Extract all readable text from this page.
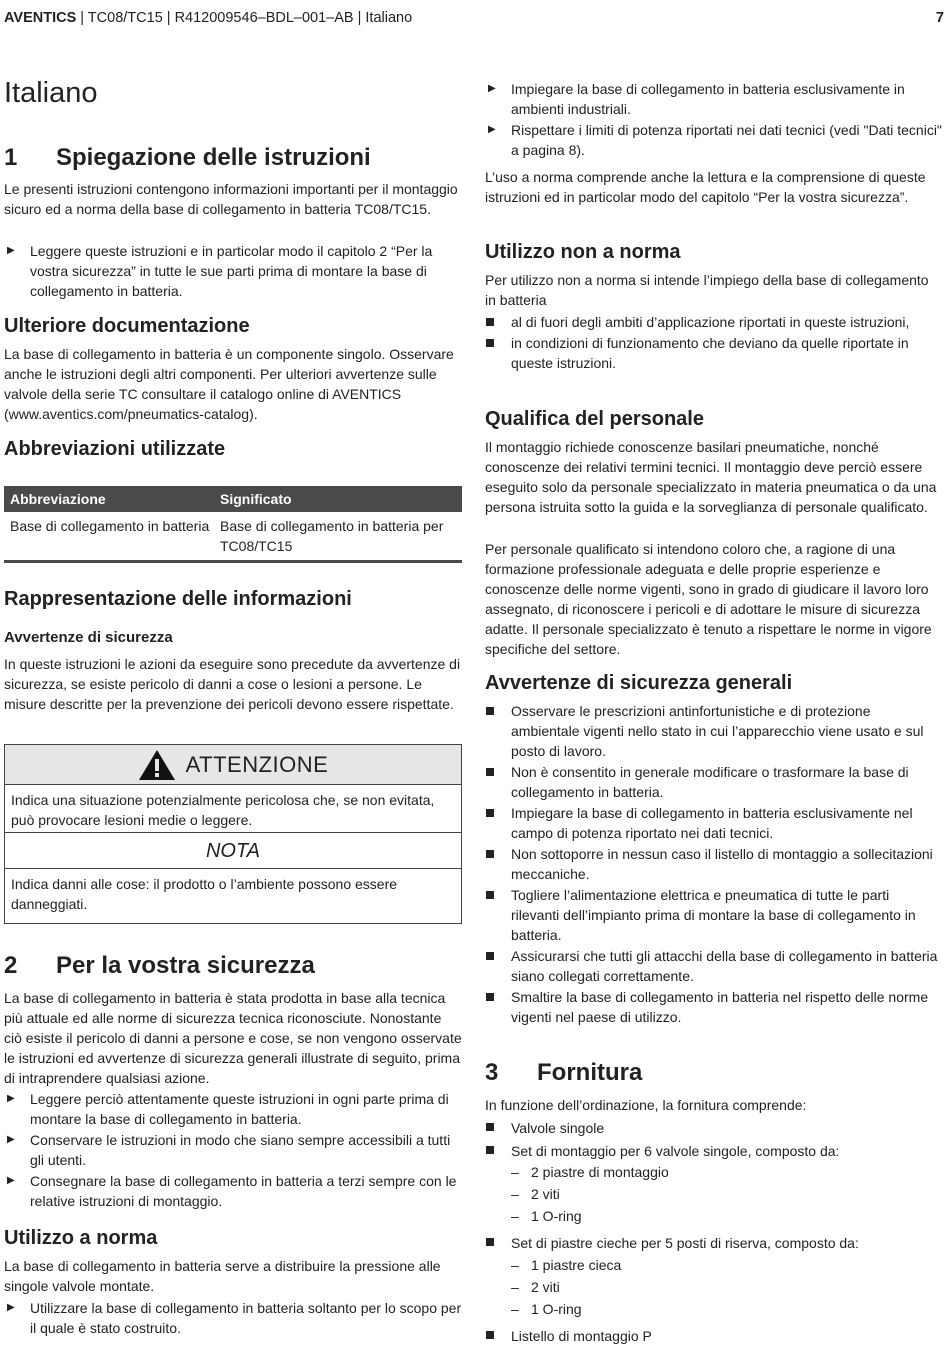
AVENTICS | TC08/TC15 | R412009546–BDL–001–AB | Italiano	7
Italiano
1 Spiegazione delle istruzioni

Le presenti istruzioni contengono informazioni importanti per il montaggio sicuro ed a norma della base di collegamento in batteria TC08/TC15.

▶ Leggere queste istruzioni e in particolar modo il capitolo 2 “Per la vostra sicurezza” in tutte le sue parti prima di montare la base di collegamento in batteria.
Ulteriore documentazione

La base di collegamento in batteria è un componente singolo. Osservare anche le istruzioni degli altri componenti. Per ulteriori avvertenze sulle valvole della serie TC consultare il catalogo online di AVENTICS (www.aventics.com/pneumatics-catalog).

Abbreviazioni utilizzate
Abbreviazione	Significato
Base di collegamento in batteria Base di collegamento in batteria per TC08/TC15
Rappresentazione delle informazioni
Avvertenze di sicurezza

In queste istruzioni le azioni da eseguire sono precedute da avvertenze di sicurezza, se esiste pericolo di danni a cose o lesioni a persone. Le misure descritte per la prevenzione dei pericoli devono essere rispettate.

ATTENZIONE
Indica una situazione potenzialmente pericolosa che, se non evitata, può provocare lesioni medie o leggere.
NOTA
Indica danni alle cose: il prodotto o l’ambiente possono essere danneggiati.
2 Per la vostra sicurezza

La base di collegamento in batteria è stata prodotta in base alla tecnica più attuale ed alle norme di sicurezza tecnica riconosciute. Nonostante ciò esiste il pericolo di danni a persone e cose, se non vengono osservate le istruzioni ed avvertenze di sicurezza generali illustrate di seguito, prima di intraprendere qualsiasi azione.

▶ Leggere perciò attentamente queste istruzioni in ogni parte prima di montare la base di collegamento in batteria.
▶ Conservare le istruzioni in modo che siano sempre accessibili a tutti gli utenti.
▶ Consegnare la base di collegamento in batteria a terzi sempre con le relative istruzioni di montaggio.
Utilizzo a norma

La base di collegamento in batteria serve a distribuire la pressione alle singole valvole montate.

▶ Utilizzare la base di collegamento in batteria soltanto per lo scopo per il quale è stato costruito.
▶ Impiegare la base di collegamento in batteria esclusivamente in ambienti industriali.
▶ Rispettare i limiti di potenza riportati nei dati tecnici (vedi "Dati tecnici" a pagina 8).

L’uso a norma comprende anche la lettura e la comprensione di queste istruzioni ed in particolar modo del capitolo “Per la vostra sicurezza”.

Utilizzo non a norma

Per utilizzo non a norma si intende l’impiego della base di collegamento in batteria

al di fuori degli ambiti d’applicazione riportati in queste istruzioni,
in condizioni di funzionamento che deviano da quelle riportate in queste istruzioni.
Qualifica del personale

Il montaggio richiede conoscenze basilari pneumatiche, nonché conoscenze dei relativi termini tecnici. Il montaggio deve perciò essere eseguito solo da personale specializzato in materia pneumatica o da una persona istruita sotto la guida e la sorveglianza di personale qualificato.

Per personale qualificato si intendono coloro che, a ragione di una formazione professionale adeguata e delle proprie esperienze e conoscenze delle norme vigenti, sono in grado di giudicare il lavoro loro assegnato, di riconoscere i pericoli e di adottare le misure di sicurezza adatte. Il personale specializzato è tenuto a rispettare le norme in vigore specifiche del settore.

Avvertenze di sicurezza generali
Osservare le prescrizioni antinfortunistiche e di protezione ambientale vigenti nello stato in cui l’apparecchio viene usato e sul posto di lavoro.
Non è consentito in generale modificare o trasformare la base di collegamento in batteria.
Impiegare la base di collegamento in batteria esclusivamente nel campo di potenza riportato nei dati tecnici.
Non sottoporre in nessun caso il listello di montaggio a sollecitazioni meccaniche.
Togliere l’alimentazione elettrica e pneumatica di tutte le parti rilevanti dell’impianto prima di montare la base di collegamento in batteria.
Assicurarsi che tutti gli attacchi della base di collegamento in batteria siano collegati correttamente.
Smaltire la base di collegamento in batteria nel rispetto delle norme vigenti nel paese di utilizzo.
3 Fornitura

In funzione dell’ordinazione, la fornitura comprende:

Valvole singole
Set di montaggio per 6 valvole singole, composto da:
– 2 piastre di montaggio
– 2 viti
– 1 O-ring
Set di piastre cieche per 5 posti di riserva, composto da:
– 1 piastre cieca
– 2 viti
– 1 O-ring
Listello di montaggio P
